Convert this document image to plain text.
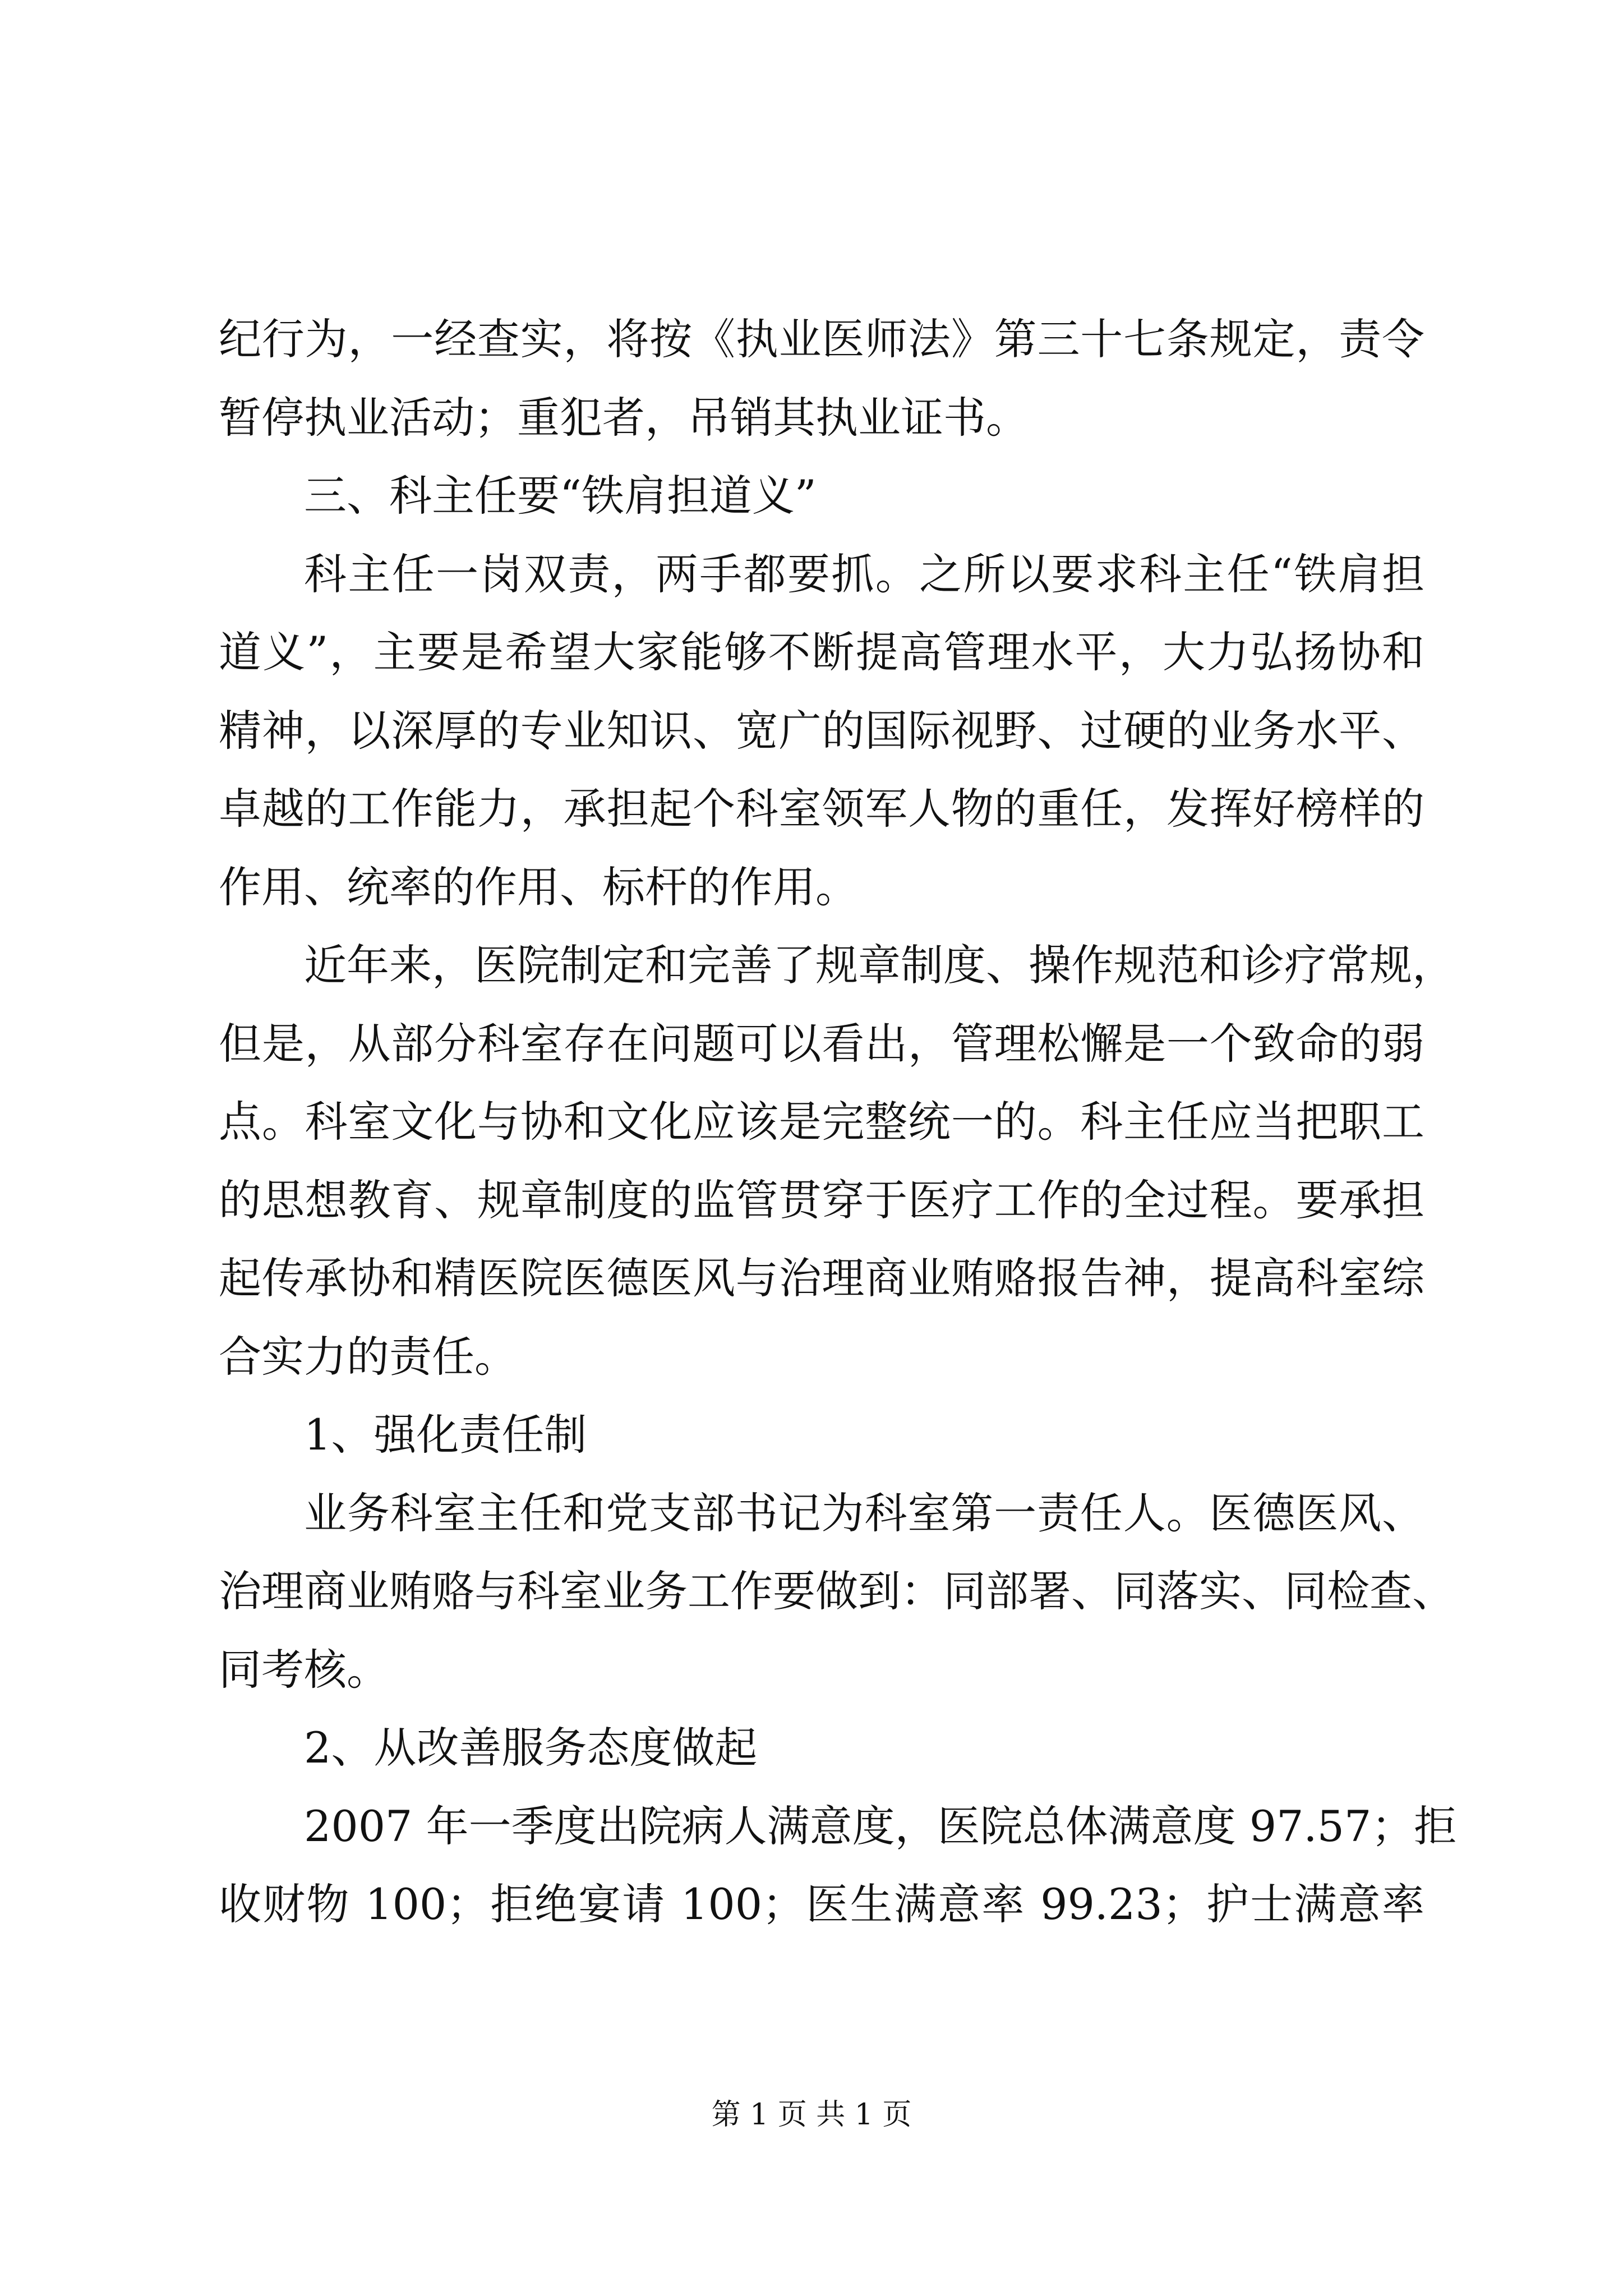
纪行为，一经查实，将按《执业医师法》第三十七条规定，责令
暂停执业活动；重犯者，吊销其执业证书。
三、科主任要“铁肩担道义”
科主任一岗双责，两手都要抓。之所以要求科主任“铁肩担
道义”，主要是希望大家能够不断提高管理水平，大力弘扬协和
精神，以深厚的专业知识、宽广的国际视野、过硬的业务水平、
卓越的工作能力，承担起个科室领军人物的重任，发挥好榜样的
作用、统率的作用、标杆的作用。
近年来，医院制定和完善了规章制度、操作规范和诊疗常规，
但是，从部分科室存在问题可以看出，管理松懈是一个致命的弱
点。科室文化与协和文化应该是完整统一的。科主任应当把职工
的思想教育、规章制度的监管贯穿于医疗工作的全过程。要承担
起传承协和精医院医德医风与治理商业贿赂报告神，提高科室综
合实力的责任。
1、强化责任制
业务科室主任和党支部书记为科室第一责任人。医德医风、
治理商业贿赂与科室业务工作要做到：同部署、同落实、同检查、
同考核。
2、从改善服务态度做起
2007 年一季度出院病人满意度，医院总体满意度 97.57；拒
收财物 100；拒绝宴请 100；医生满意率 99.23；护士满意率
第 1 页 共 1 页
